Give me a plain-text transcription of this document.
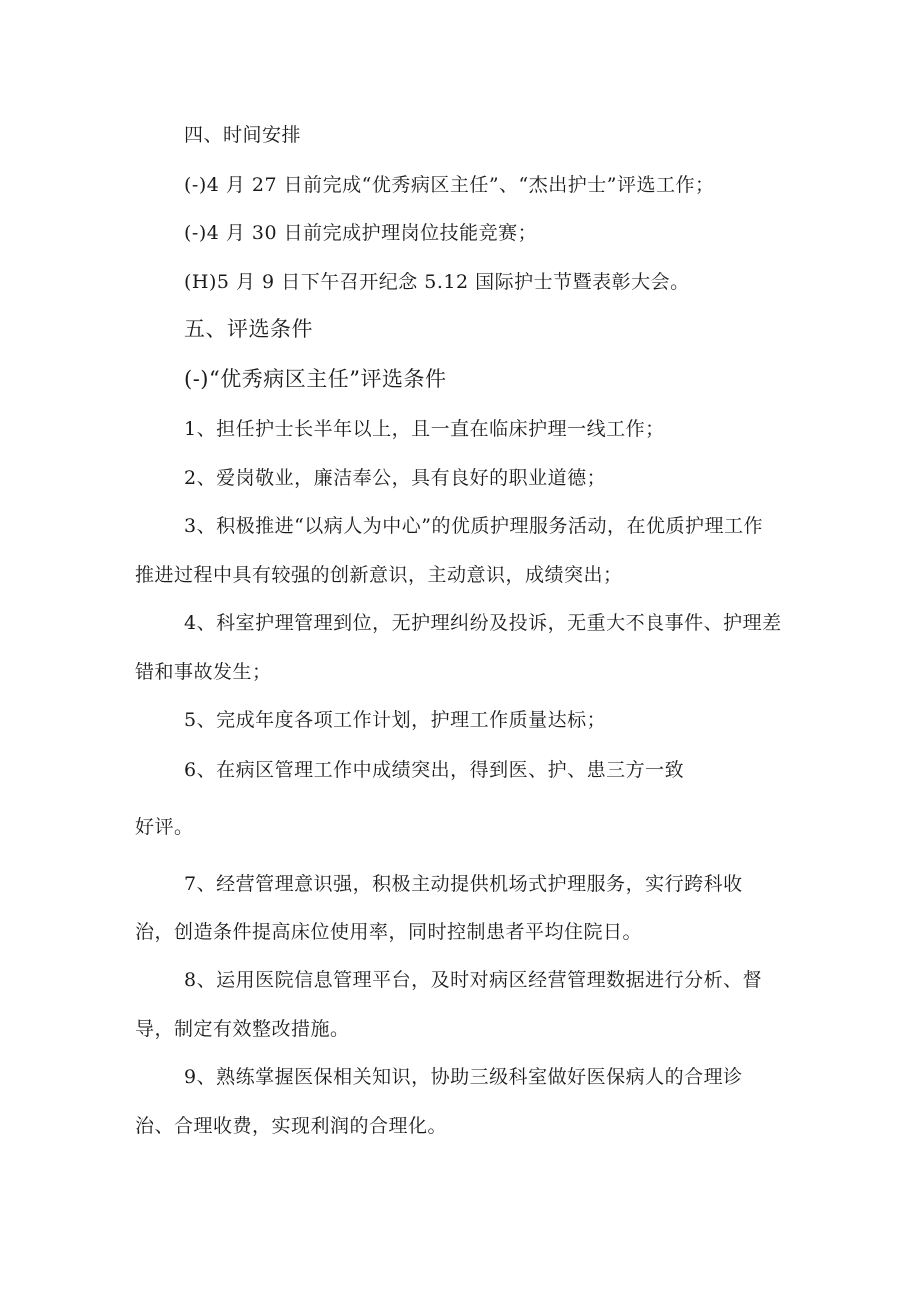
四、时间安排
(-)4 月 27 日前完成“优秀病区主任”、“杰出护士”评选工作；
(-)4 月 30 日前完成护理岗位技能竞赛；
(H)5 月 9 日下午召开纪念 5.12 国际护士节暨表彰大会。
五、评选条件
(-)“优秀病区主任”评选条件
1、担任护士长半年以上，且一直在临床护理一线工作；
2、爱岗敬业，廉洁奉公，具有良好的职业道德；
3、积极推进“以病人为中心”的优质护理服务活动，在优质护理工作
推进过程中具有较强的创新意识，主动意识，成绩突出；
4、科室护理管理到位，无护理纠纷及投诉，无重大不良事件、护理差
错和事故发生；
5、完成年度各项工作计划，护理工作质量达标；
6、在病区管理工作中成绩突出，得到医、护、患三方一致
好评。
7、经营管理意识强，积极主动提供机场式护理服务，实行跨科收
治，创造条件提高床位使用率，同时控制患者平均住院日。
8、运用医院信息管理平台，及时对病区经营管理数据进行分析、督
导，制定有效整改措施。
9、熟练掌握医保相关知识，协助三级科室做好医保病人的合理诊
治、合理收费，实现利润的合理化。
